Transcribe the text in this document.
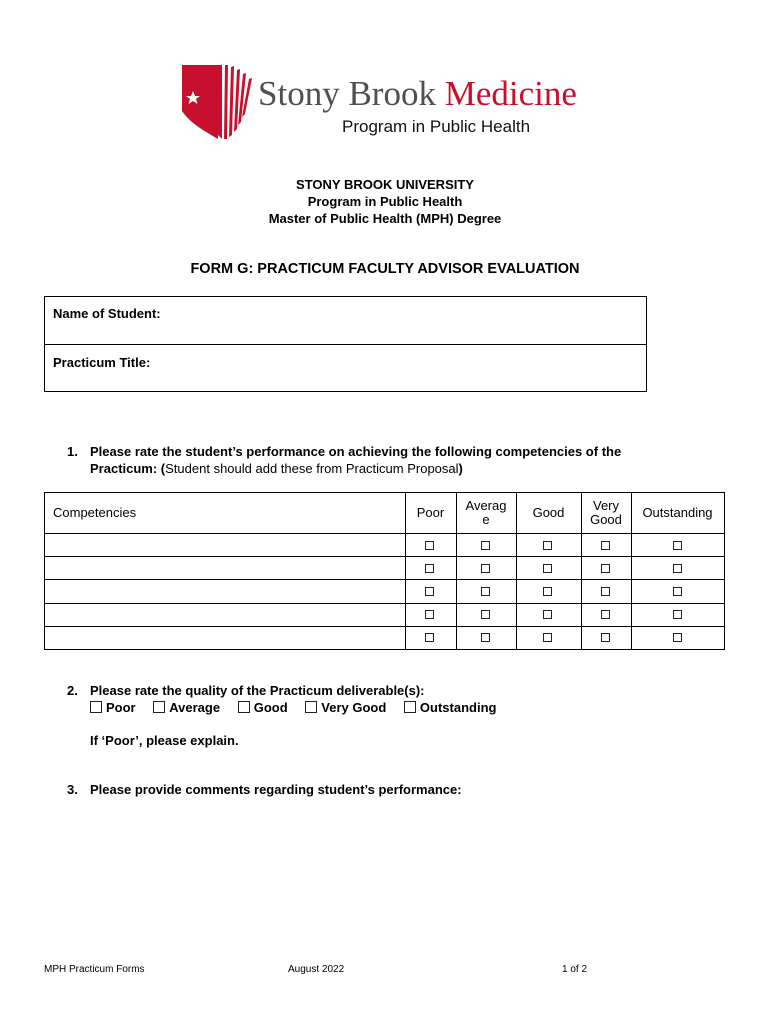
Stony Brook Medicine
Program in Public Health
STONY BROOK UNIVERSITY
Program in Public Health
Master of Public Health (MPH) Degree
FORM G: PRACTICUM FACULTY ADVISOR EVALUATION
Name of Student:
Practicum Title:
1. Please rate the student’s performance on achieving the following competencies of the
Practicum: (Student should add these from Practicum Proposal)
Competencies	Poor	Averag e	Good	Very Good	Outstanding
2. Please rate the quality of the Practicum deliverable(s):
Poor	Average	Good	Very Good	Outstanding
If ‘Poor’, please explain.
3. Please provide comments regarding student’s performance:
MPH Practicum Forms	August 2022	1 of 2
